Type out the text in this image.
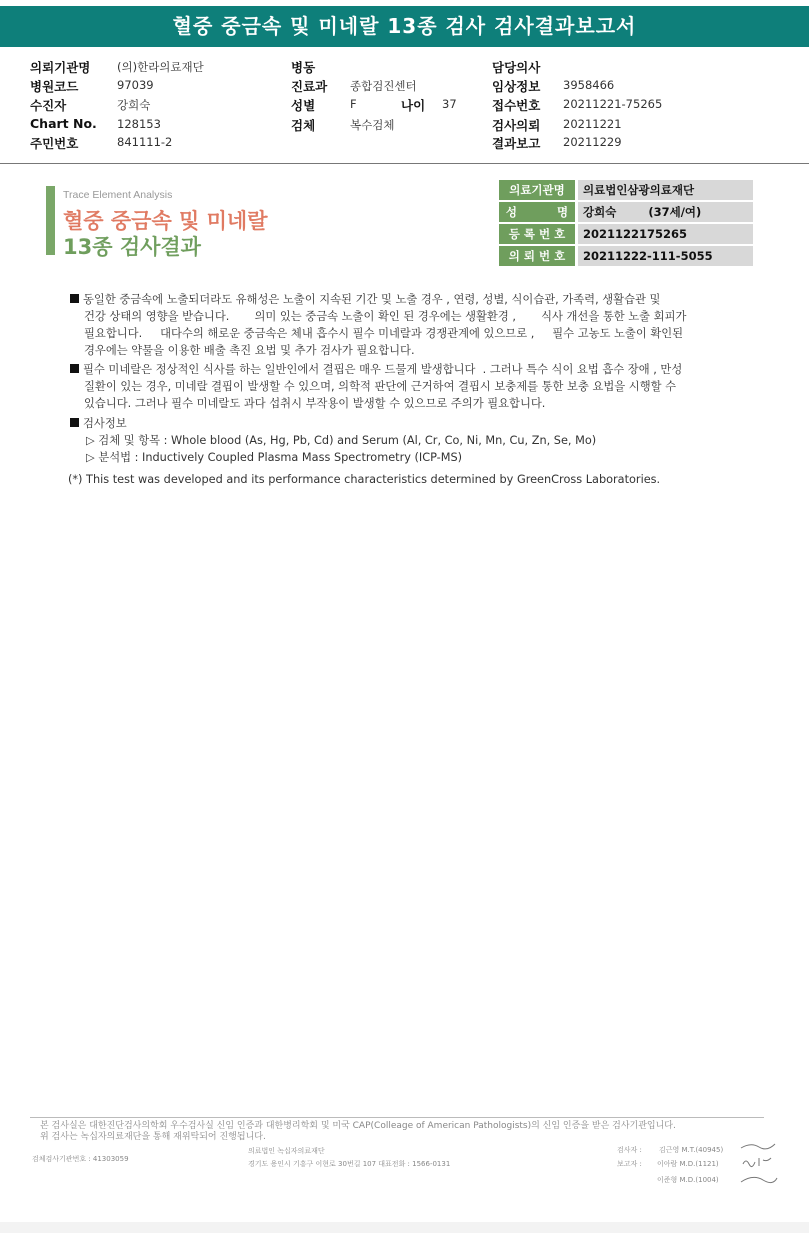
혈중 중금속 및 미네랄 13종 검사 검사결과보고서
의뢰기관명 (의)한라의료재단
병원코드	97039
수진자	강희숙
Chart No. 128153
주민번호	841111-2
병동
진료과 종합검진센터
성별	F	나이 37
검체	복수검체
담당의사
임상정보 3958466
접수번호 20211221-75265
검사의뢰 20211221
결과보고 20211229
Trace Element Analysis
혈중 중금속 및 미네랄
13종 검사결과
의료기관명	의료법인삼광의료재단
성          명	강희숙        (37세/여)
등 록 번 호	2021122175265
의 뢰 번 호	20211222-111-5055
동일한 중금속에 노출되더라도 유해성은 노출이 지속된 기간 및 노출 경우 , 연령, 성별, 식이습관, 가족력, 생활습관 및
건강 상태의 영향을 받습니다.       의미 있는 중금속 노출이 확인 된 경우에는 생활환경 ,       식사 개선을 통한 노출 회피가
필요합니다.     대다수의 해로운 중금속은 체내 흡수시 필수 미네랄과 경쟁관계에 있으므로 ,     필수 고농도 노출이 확인된
경우에는 약물을 이용한 배출 촉진 요법 및 추가 검사가 필요합니다.
필수 미네랄은 정상적인 식사를 하는 일반인에서 결핍은 매우 드물게 발생합니다  . 그러나 특수 식이 요법 흡수 장애 , 만성
질환이 있는 경우, 미네랄 결핍이 발생할 수 있으며, 의학적 판단에 근거하여 결핍시 보충제를 통한 보충 요법을 시행할 수
있습니다. 그러나 필수 미네랄도 과다 섭취시 부작용이 발생할 수 있으므로 주의가 필요합니다.
검사정보
▷ 검체 및 항목 : Whole blood (As, Hg, Pb, Cd) and Serum (Al, Cr, Co, Ni, Mn, Cu, Zn, Se, Mo)
▷ 분석법 : Inductively Coupled Plasma Mass Spectrometry (ICP-MS)
(*) This test was developed and its performance characteristics determined by GreenCross Laboratories.
본 검사실은 대한진단검사의학회 우수검사실 신임 인증과 대한병리학회 및 미국 CAP(Colleage of American Pathologists)의 신임 인증을 받은 검사기관입니다.
위 검사는 녹십자의료재단을 통해 재위탁되어 진행됩니다.
검체검사기관번호 : 41303059
의료법인 녹십자의료재단
경기도 용인시 기흥구 이현로 30번길 107 대표전화 : 1566-0131
검사자 : 김근영 M.T.(40945)
보고자 : 이아람 M.D.(1121)
이준형 M.D.(1004)
